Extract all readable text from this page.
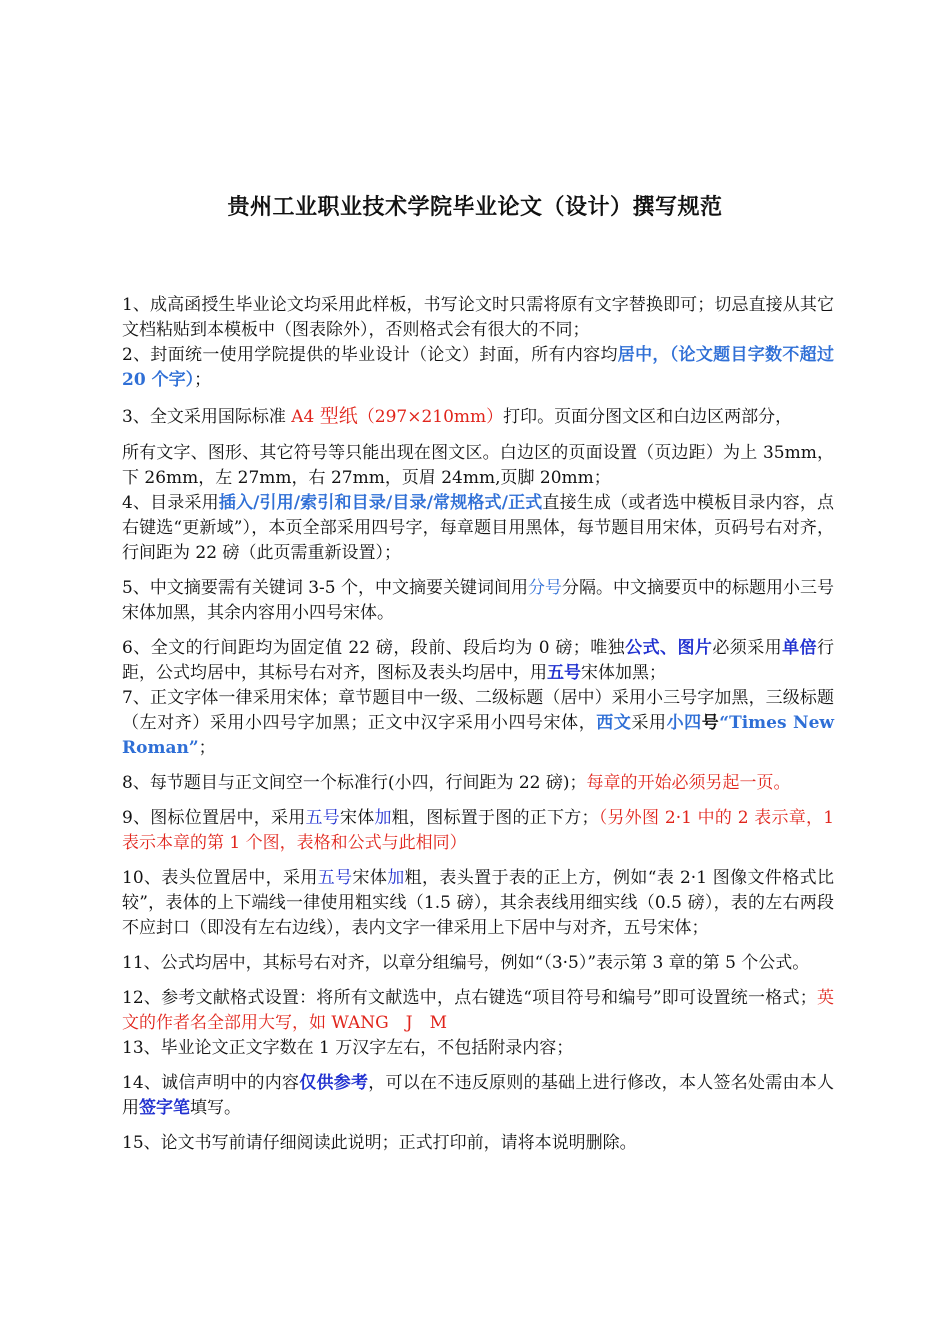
贵州工业职业技术学院毕业论文（设计）撰写规范

1、成高函授生毕业论文均采用此样板，书写论文时只需将原有文字替换即可；切忌直接从其它文档粘贴到本模板中（图表除外），否则格式会有很大的不同；

2、封面统一使用学院提供的毕业设计（论文）封面，所有内容均居中，（论文题目字数不超过 20 个字）；

3、全文采用国际标准 A4 型纸（297×210mm）打印。页面分图文区和白边区两部分，

所有文字、图形、其它符号等只能出现在图文区。白边区的页面设置（页边距）为上 35mm，下 26mm，左 27mm，右 27mm，页眉 24mm,页脚 20mm；

4、目录采用插入/引用/索引和目录/目录/常规格式/正式直接生成（或者选中模板目录内容，点右键选“更新域”），本页全部采用四号字，每章题目用黑体，每节题目用宋体，页码号右对齐，行间距为 22 磅（此页需重新设置）；

5、中文摘要需有关键词 3-5 个，中文摘要关键词间用分号分隔。中文摘要页中的标题用小三号宋体加黑，其余内容用小四号宋体。

6、全文的行间距均为固定值 22 磅，段前、段后均为 0 磅；唯独公式、图片必须采用单倍行距，公式均居中，其标号右对齐，图标及表头均居中，用五号宋体加黑；

7、正文字体一律采用宋体；章节题目中一级、二级标题（居中）采用小三号字加黑，三级标题（左对齐）采用小四号字加黑；正文中汉字采用小四号宋体，西文采用小四号“Times New Roman”；

8、每节题目与正文间空一个标准行(小四，行间距为 22 磅)；每章的开始必须另起一页。

9、图标位置居中，采用五号宋体加粗，图标置于图的正下方；（另外图 2·1 中的 2 表示章，1 表示本章的第 1 个图，表格和公式与此相同）

10、表头位置居中，采用五号宋体加粗，表头置于表的正上方，例如“表 2·1 图像文件格式比较”，表体的上下端线一律使用粗实线（1.5 磅），其余表线用细实线（0.5 磅），表的左右两段不应封口（即没有左右边线），表内文字一律采用上下居中与对齐，五号宋体；

11、公式均居中，其标号右对齐，以章分组编号，例如“（3·5）”表示第 3 章的第 5 个公式。

12、参考文献格式设置：将所有文献选中，点右键选“项目符号和编号”即可设置统一格式；英文的作者名全部用大写，如 WANG　J　M

13、毕业论文正文字数在 1 万汉字左右，不包括附录内容；

14、诚信声明中的内容仅供参考，可以在不违反原则的基础上进行修改，本人签名处需由本人用签字笔填写。

15、论文书写前请仔细阅读此说明；正式打印前，请将本说明删除。
